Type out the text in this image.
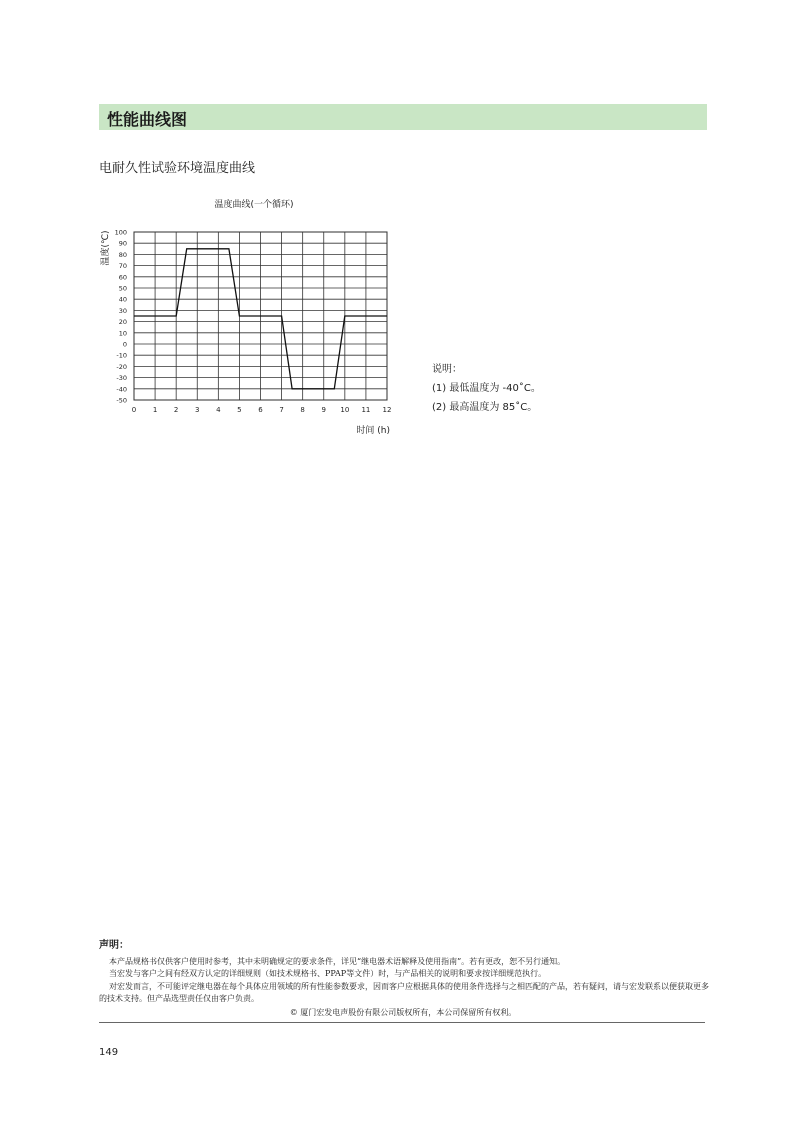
性能曲线图
电耐久性试验环境温度曲线
温度曲线(一个循环)
温度(℃)
时间 (h)
100
90
80
70
60
50
40
30
20
10
0
-10
-20
-30
-40
-50
0 1 2 3 4 5 6 7 8 9 10 11 12
说明：
(1) 最低温度为 -40˚C。
(2) 最高温度为 85˚C。
声明：
本产品规格书仅供客户使用时参考，其中未明确规定的要求条件，详见“继电器术语解释及使用指南”。若有更改，恕不另行通知。
当宏发与客户之间有经双方认定的详细规则（如技术规格书、PPAP等文件）时，与产品相关的说明和要求按详细规范执行。
对宏发而言，不可能评定继电器在每个具体应用领域的所有性能参数要求，因而客户应根据具体的使用条件选择与之相匹配的产品，若有疑问，请与宏发联系以便获取更多的技术支持。但产品选型责任仅由客户负责。
© 厦门宏发电声股份有限公司版权所有，本公司保留所有权利。
149
